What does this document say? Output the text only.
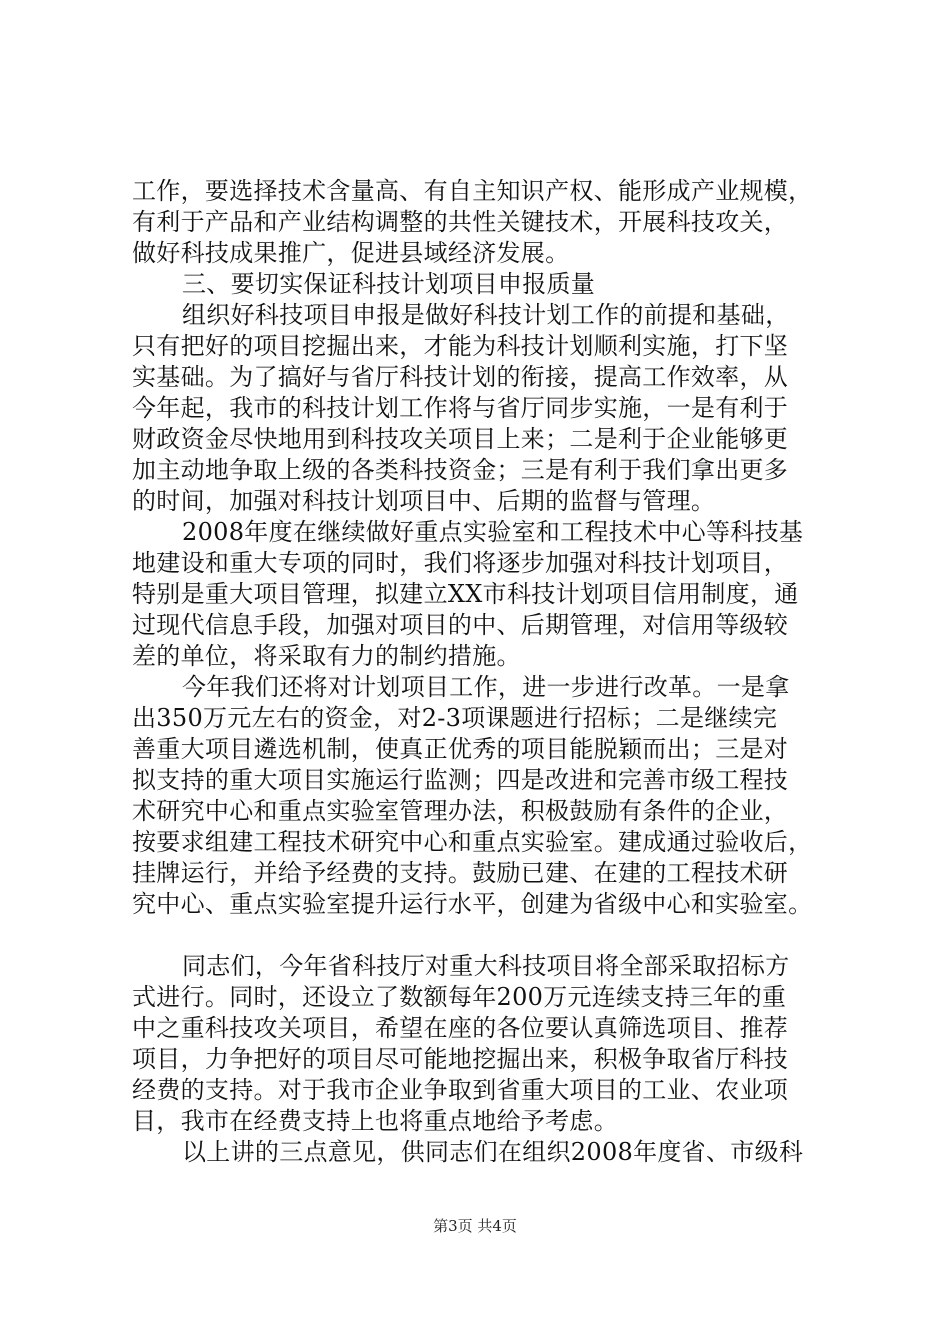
工作，要选择技术含量高、有自主知识产权、能形成产业规模，
有利于产品和产业结构调整的共性关键技术，开展科技攻关，
做好科技成果推广，促进县域经济发展。
三、要切实保证科技计划项目申报质量
组织好科技项目申报是做好科技计划工作的前提和基础，
只有把好的项目挖掘出来，才能为科技计划顺利实施，打下坚
实基础。为了搞好与省厅科技计划的衔接，提高工作效率，从
今年起，我市的科技计划工作将与省厅同步实施，一是有利于
财政资金尽快地用到科技攻关项目上来；二是利于企业能够更
加主动地争取上级的各类科技资金；三是有利于我们拿出更多
的时间，加强对科技计划项目中、后期的监督与管理。
2008年度在继续做好重点实验室和工程技术中心等科技基
地建设和重大专项的同时，我们将逐步加强对科技计划项目，
特别是重大项目管理，拟建立XX市科技计划项目信用制度，通
过现代信息手段，加强对项目的中、后期管理，对信用等级较
差的单位，将采取有力的制约措施。
今年我们还将对计划项目工作，进一步进行改革。一是拿
出350万元左右的资金，对2-3项课题进行招标；二是继续完
善重大项目遴选机制，使真正优秀的项目能脱颖而出；三是对
拟支持的重大项目实施运行监测；四是改进和完善市级工程技
术研究中心和重点实验室管理办法，积极鼓励有条件的企业，
按要求组建工程技术研究中心和重点实验室。建成通过验收后，
挂牌运行，并给予经费的支持。鼓励已建、在建的工程技术研
究中心、重点实验室提升运行水平，创建为省级中心和实验室。
同志们，今年省科技厅对重大科技项目将全部采取招标方
式进行。同时，还设立了数额每年200万元连续支持三年的重
中之重科技攻关项目，希望在座的各位要认真筛选项目、推荐
项目，力争把好的项目尽可能地挖掘出来，积极争取省厅科技
经费的支持。对于我市企业争取到省重大项目的工业、农业项
目，我市在经费支持上也将重点地给予考虑。
以上讲的三点意见，供同志们在组织2008年度省、市级科
第3页 共4页
